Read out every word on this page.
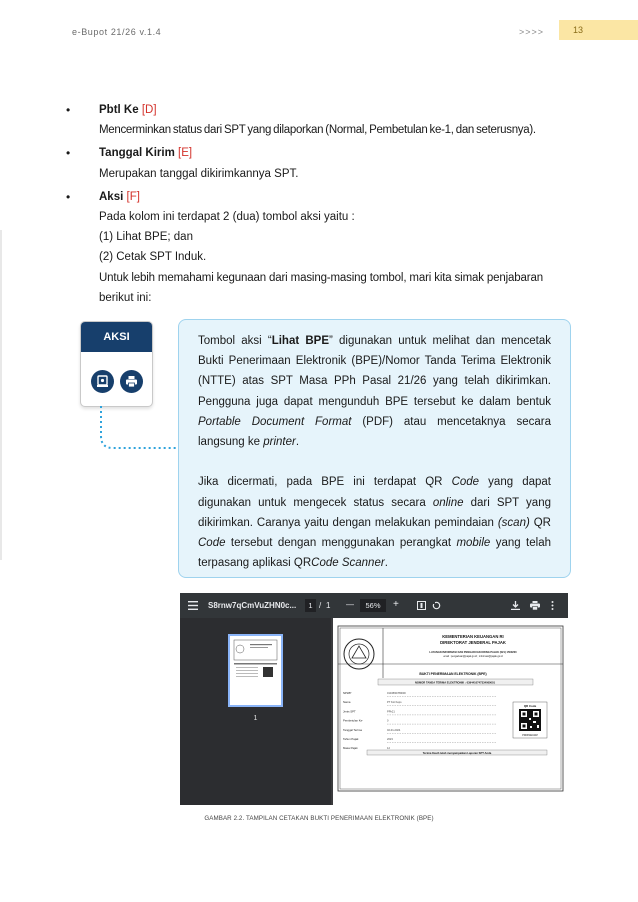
e-Bupot 21/26 v.1.4	>>>>	13
•	Pbtl Ke [D]
Mencerminkan status dari SPT yang dilaporkan (Normal, Pembetulan ke-1, dan seterusnya).
•	Tanggal Kirim [E]
Merupakan tanggal dikirimkannya SPT.
•	Aksi [F]
Pada kolom ini terdapat 2 (dua) tombol aksi yaitu :
(1) Lihat BPE; dan
(2) Cetak SPT Induk.
Untuk lebih memahami kegunaan dari masing-masing tombol, mari kita simak penjabaran
berikut ini:
AKSI	Tombol aksi “Lihat BPE” digunakan untuk melihat dan mencetak Bukti Penerimaan Elektronik (BPE)/Nomor Tanda Terima Elektronik (NTTE) atas SPT Masa PPh Pasal 21/26 yang telah dikirimkan. Pengguna juga dapat mengunduh BPE tersebut ke dalam bentuk Portable Document Format (PDF) atau mencetaknya secara langsung ke printer.

Jika dicermati, pada BPE ini terdapat QR Code yang dapat digunakan untuk mengecek status secara online dari SPT yang dikirimkan. Caranya yaitu dengan melakukan pemindaian (scan) QR Code tersebut dengan menggunakan perangkat mobile yang telah terpasang aplikasi QRCode Scanner.

S8rnw7qCmVuZHN0c...	1 / 1 —	56%	+
1
KEMENTERIAN KEUANGAN RI
DIREKTORAT JENDERAL PAJAK
LAYANAN INFORMASI DAN PENGADUAN KRING PAJAK (021) 1500200
email : pengaduan@pajak.go.id ; informasi@pajak.go.id
BUKTI PENERIMAAN ELEKTRONIK (BPE)
NOMOR TANDA TERIMA ELEKTRONIK : 0394410747334000001
NPWP	0104560789000
Nama	PT Kot Keps
Jenis SPT	PPh21
Pembetulan Ke-	0
Tanggal Terima	02-01-2024
Tahun Pajak	2023
Masa Pajak	12
QR Code
PD6K5dkCWZ
Terima Kasih telah menyampaikan Laporan SPT Anda
GAMBAR 2.2. TAMPILAN CETAKAN BUKTI PENERIMAAN ELEKTRONIK (BPE)
